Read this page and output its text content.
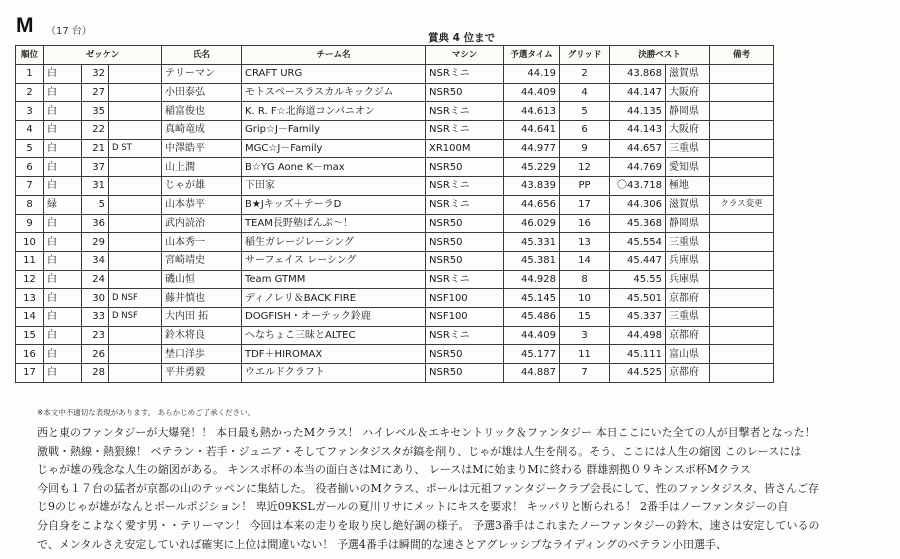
M （17 台）
賞典 4 位まで
順位	ゼッケン			氏名	チーム名	マシン	予選タイム	グリッド	決勝ベスト		備考
1	白	32		テリーマン	CRAFT URG	NSRミニ	44.19	2	43.868	滋賀県	
2	白	27		小田泰弘	モトスペースラスカルキックジム	NSR50	44.409	4	44.147	大阪府	
3	白	35		稲富俊也	K. R. F☆北海道コンパニオン	NSRミニ	44.613	5	44.135	静岡県	
4	白	22		真崎竜成	Grip☆J－Family	NSRミニ	44.641	6	44.143	大阪府	
5	白	21	D ST	中澤皓平	MGC☆J－Family	XR100M	44.977	9	44.657	三重県	
6	白	37		山上潤	B☆YG Aone K－max	NSR50	45.229	12	44.769	愛知県	
7	白	31		じゃが雄	下田家	NSRミニ	43.839	PP	〇43.718	極地	
8	緑	5		山本恭平	B★Jキッズ＋テーラD	NSRミニ	44.656	17	44.306	滋賀県	クラス変更
9	白	36		武内読治	TEAM長野塾ぱんぶ～！	NSR50	46.029	16	45.368	静岡県	
10	白	29		山本秀一	稲生ガレージレーシング	NSR50	45.331	13	45.554	三重県	
11	白	34		宮崎靖史	サーフェイス レーシング	NSR50	45.381	14	45.447	兵庫県	
12	白	24		磯山恒	Team GTMM	NSRミニ	44.928	8	45.55	兵庫県	
13	白	30	D NSF	藤井慎也	ディノレリ＆BACK FIRE	NSF100	45.145	10	45.501	京都府	
14	白	33	D NSF	大内田 拓	DOGFISH・オーテック鈴鹿	NSF100	45.486	15	45.337	三重県	
15	白	23		鈴木将良	へなちょこ三昧とALTEC	NSRミニ	44.409	3	44.498	京都府	
16	白	26		埜口洋歩	TDF＋HIROMAX	NSR50	45.177	11	45.111	富山県	
17	白	28		平井勇毅	ウエルドクラフト	NSR50	44.887	7	44.525	京都府	
※本文中不適切な表現があります。 あらかじめご了承ください。
西と東のファンタジーが大爆発！！ 本日最も熱かったMクラス！ ハイレベル＆エキセントリック＆ファンタジー 本日ここにいた全ての人が目撃者となった！
激戦・熱線・熱狠線！ ベテラン・若手・ジュニア・そしてファンタジスタが鎬を削り、じゃが雄は人生を削る。そう、ここには人生の縮図 このレースには
じゃが雄の残念な人生の縮図がある。 キンスポ杯の本当の面白さはMにあり、 レースはMに始まりMに終わる 群雄割拠０９キンスポ杯Mクラス
今回も１７台の猛者が京都の山のテッペンに集結した。 役者揃いのMクラス、ポールは元祖ファンタジークラブ会長にして、性のファンタジスタ、皆さんご存
じ9のじゃが雄がなんとポールポジション！ 卑近09KSLガールの夏川リサにメットにキスを要求！ キッパリと断られる！ 2番手はノーファンタジーの自
分自身をこよなく愛す男・・テリーマン！ 今回は本来の走りを取り戻し絶好調の様子。 予選3番手はこれまたノーファンタジーの鈴木、速さは安定しているの
で、メンタルさえ安定していれば確実に上位は間違いない！ 予選4番手は瞬間的な速さとアグレッシブなライディングのベテラン小田選手、
